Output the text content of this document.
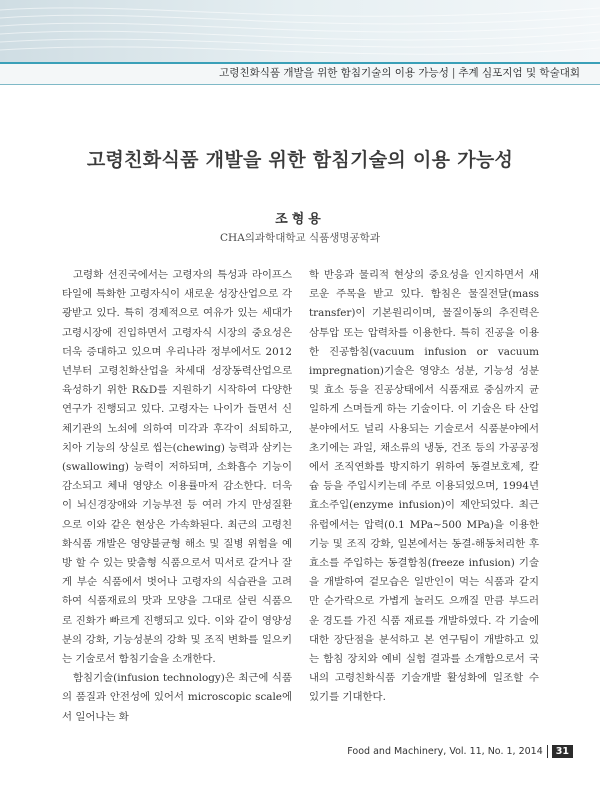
고령친화식품 개발을 위한 함침기술의 이용 가능성 | 추계 심포지엄 및 학술대회
고령친화식품 개발을 위한 함침기술의 이용 가능성
조형용
CHA의과학대학교 식품생명공학과

고령화 선진국에서는 고령자의 특성과 라이프스타일에 특화한 고령자식이 새로운 성장산업으로 각광받고 있다. 특히 경제적으로 여유가 있는 세대가 고령시장에 진입하면서 고령자식 시장의 중요성은 더욱 증대하고 있으며 우리나라 정부에서도 2012년부터 고령친화산업을 차세대 성장동력산업으로 육성하기 위한 R&D를 지원하기 시작하여 다양한 연구가 진행되고 있다. 고령자는 나이가 들면서 신체기관의 노쇠에 의하여 미각과 후각이 쇠퇴하고, 치아 기능의 상실로 씹는(chewing) 능력과 삼키는(swallowing) 능력이 저하되며, 소화흡수 기능이 감소되고 체내 영양소 이용률마저 감소한다. 더욱이 뇌신경장애와 기능부전 등 여러 가지 만성질환으로 이와 같은 현상은 가속화된다. 최근의 고령친화식품 개발은 영양불균형 해소 및 질병 위험을 예방 할 수 있는 맞춤형 식품으로서 믹서로 갈거나 잘게 부순 식품에서 벗어나 고령자의 식습관을 고려하여 식품재료의 맛과 모양을 그대로 살린 식품으로 진화가 빠르게 진행되고 있다. 이와 같이 영양성분의 강화, 기능성분의 강화 및 조직 변화를 일으키는 기술로서 함침기술을 소개한다.

함침기술(infusion technology)은 최근에 식품의 품질과 안전성에 있어서 microscopic scale에서 일어나는 화

학 반응과 물리적 현상의 중요성을 인지하면서 새로운 주목을 받고 있다. 함침은 물질전달(mass transfer)이 기본원리이며, 물질이동의 추진력은 삼투압 또는 압력차를 이용한다. 특히 진공을 이용한 진공함침(vacuum infusion or vacuum impregnation)기술은 영양소 성분, 기능성 성분 및 효소 등을 진공상태에서 식품재료 중심까지 균일하게 스며들게 하는 기술이다. 이 기술은 타 산업분야에서도 널리 사용되는 기술로서 식품분야에서 초기에는 과일, 채소류의 냉동, 건조 등의 가공공정에서 조직연화를 방지하기 위하여 동결보호제, 칼슘 등을 주입시키는데 주로 이용되었으며, 1994년 효소주입(enzyme infusion)이 제안되었다. 최근 유럽에서는 압력(0.1 MPa~500 MPa)을 이용한 기능 및 조직 강화, 일본에서는 동결-해동처리한 후 효소를 주입하는 동결함침(freeze infusion) 기술을 개발하여 겉모습은 일반인이 먹는 식품과 같지만 순가락으로 가볍게 눌러도 으깨질 만큼 부드러운 경도를 가진 식품 재료를 개발하였다. 각 기술에 대한 장단점을 분석하고 본 연구팀이 개발하고 있는 함침 장치와 예비 실험 결과를 소개함으로서 국내의 고령친화식품 기술개발 활성화에 일조할 수 있기를 기대한다.

Food and Machinery, Vol. 11, No. 1, 2014	31
